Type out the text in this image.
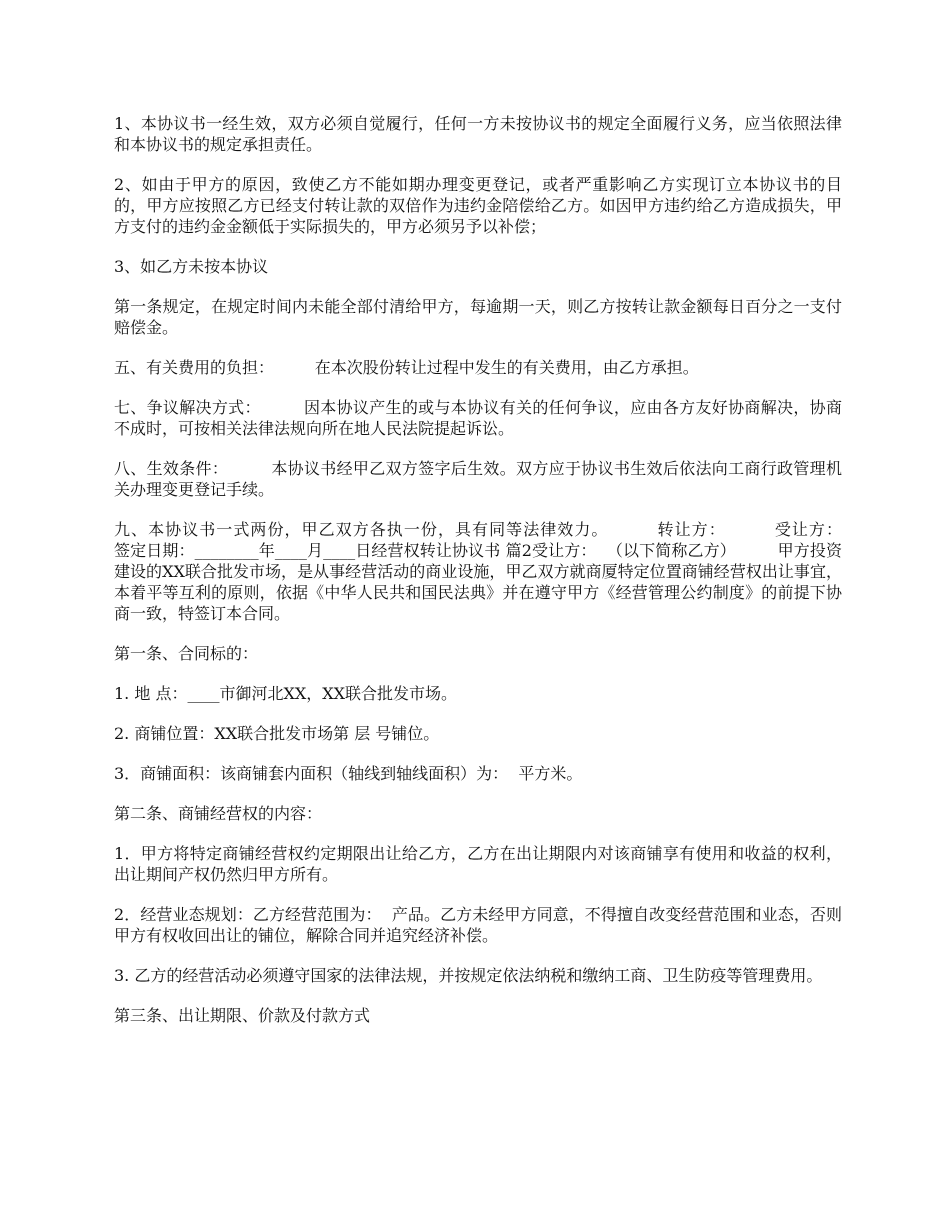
1、本协议书一经生效，双方必须自觉履行，任何一方未按协议书的规定全面履行义务，应当依照法律和本协议书的规定承担责任。

2、如由于甲方的原因，致使乙方不能如期办理变更登记，或者严重影响乙方实现订立本协议书的目的，甲方应按照乙方已经支付转让款的双倍作为违约金陪偿给乙方。如因甲方违约给乙方造成损失，甲方支付的违约金金额低于实际损失的，甲方必须另予以补偿；

3、如乙方未按本协议

第一条规定，在规定时间内未能全部付清给甲方，每逾期一天，则乙方按转让款金额每日百分之一支付赔偿金。

五、有关费用的负担：        在本次股份转让过程中发生的有关费用，由乙方承担。

七、争议解决方式：        因本协议产生的或与本协议有关的任何争议，应由各方友好协商解决，协商不成时，可按相关法律法规向所在地人民法院提起诉讼。

八、生效条件：        本协议书经甲乙双方签字后生效。双方应于协议书生效后依法向工商行政管理机关办理变更登记手续。

九、本协议书一式两份，甲乙双方各执一份，具有同等法律效力。        转让方：        受让方：        签定日期：________年____月____日经营权转让协议书 篇2受让方：  （以下简称乙方）        甲方投资建设的XX联合批发市场，是从事经营活动的商业设施，甲乙双方就商厦特定位置商铺经营权出让事宜，本着平等互利的原则，依据《中华人民共和国民法典》并在遵守甲方《经营管理公约制度》的前提下协商一致，特签订本合同。

第一条、合同标的：

1. 地 点：____市御河北XX，XX联合批发市场。

2. 商铺位置：XX联合批发市场第 层 号铺位。

3．商铺面积：该商铺套内面积（轴线到轴线面积）为：  平方米。

第二条、商铺经营权的内容：

1．甲方将特定商铺经营权约定期限出让给乙方，乙方在出让期限内对该商铺享有使用和收益的权利，出让期间产权仍然归甲方所有。

2．经营业态规划：乙方经营范围为：  产品。乙方未经甲方同意，不得擅自改变经营范围和业态，否则甲方有权收回出让的铺位，解除合同并追究经济补偿。

3. 乙方的经营活动必须遵守国家的法律法规，并按规定依法纳税和缴纳工商、卫生防疫等管理费用。

第三条、出让期限、价款及付款方式
